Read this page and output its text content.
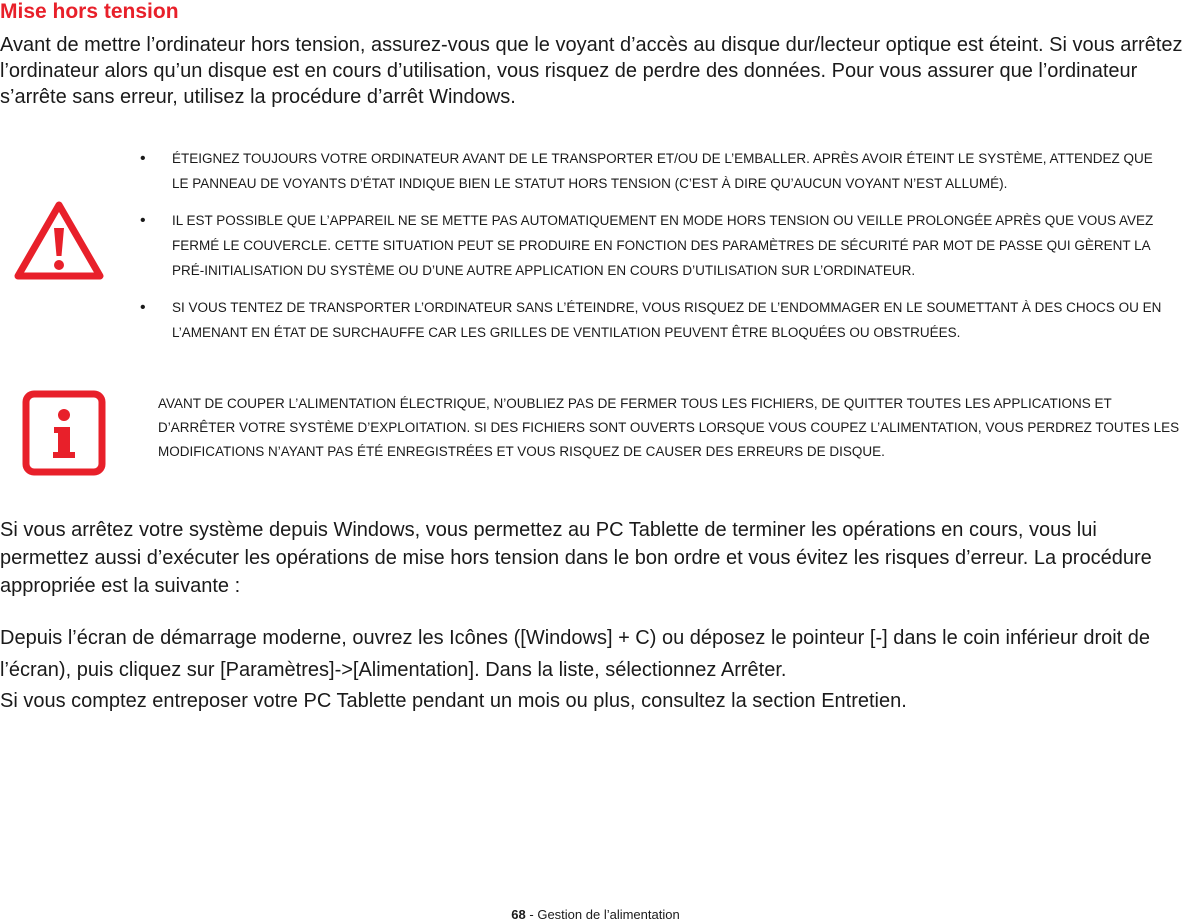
Mise hors tension
Avant de mettre l’ordinateur hors tension, assurez-vous que le voyant d’accès au disque dur/lecteur optique est éteint. Si vous arrêtez l’ordinateur alors qu’un disque est en cours d’utilisation, vous risquez de perdre des données. Pour vous assurer que l’ordinateur s’arrête sans erreur, utilisez la procédure d’arrêt Windows.
• ÉTEIGNEZ TOUJOURS VOTRE ORDINATEUR AVANT DE LE TRANSPORTER ET/OU DE L’EMBALLER. APRÈS AVOIR ÉTEINT LE SYSTÈME, ATTENDEZ QUE LE PANNEAU DE VOYANTS D’ÉTAT INDIQUE BIEN LE STATUT HORS TENSION (C’EST À DIRE QU’AUCUN VOYANT N’EST ALLUMÉ).
• IL EST POSSIBLE QUE L’APPAREIL NE SE METTE PAS AUTOMATIQUEMENT EN MODE HORS TENSION OU VEILLE PROLONGÉE APRÈS QUE VOUS AVEZ FERMÉ LE COUVERCLE. CETTE SITUATION PEUT SE PRODUIRE EN FONCTION DES PARAMÈTRES DE SÉCURITÉ PAR MOT DE PASSE QUI GÈRENT LA PRÉ-INITIALISATION DU SYSTÈME OU D’UNE AUTRE APPLICATION EN COURS D’UTILISATION SUR L’ORDINATEUR.
• SI VOUS TENTEZ DE TRANSPORTER L’ORDINATEUR SANS L’ÉTEINDRE, VOUS RISQUEZ DE L’ENDOMMAGER EN LE SOUMETTANT À DES CHOCS OU EN L’AMENANT EN ÉTAT DE SURCHAUFFE CAR LES GRILLES DE VENTILATION PEUVENT ÊTRE BLOQUÉES OU OBSTRUÉES.
AVANT DE COUPER L’ALIMENTATION ÉLECTRIQUE, N’OUBLIEZ PAS DE FERMER TOUS LES FICHIERS, DE QUITTER TOUTES LES APPLICATIONS ET D’ARRÊTER VOTRE SYSTÈME D’EXPLOITATION. SI DES FICHIERS SONT OUVERTS LORSQUE VOUS COUPEZ L’ALIMENTATION, VOUS PERDREZ TOUTES LES MODIFICATIONS N’AYANT PAS ÉTÉ ENREGISTRÉES ET VOUS RISQUEZ DE CAUSER DES ERREURS DE DISQUE.
Si vous arrêtez votre système depuis Windows, vous permettez au PC Tablette de terminer les opérations en cours, vous lui permettez aussi d’exécuter les opérations de mise hors tension dans le bon ordre et vous évitez les risques d’erreur. La procédure appropriée est la suivante :
Depuis l’écran de démarrage moderne, ouvrez les Icônes ([Windows] + C) ou déposez le pointeur [-] dans le coin inférieur droit de l’écran), puis cliquez sur [Paramètres]->[Alimentation]. Dans la liste, sélectionnez Arrêter.
Si vous comptez entreposer votre PC Tablette pendant un mois ou plus, consultez la section Entretien.
68 - Gestion de l’alimentation
